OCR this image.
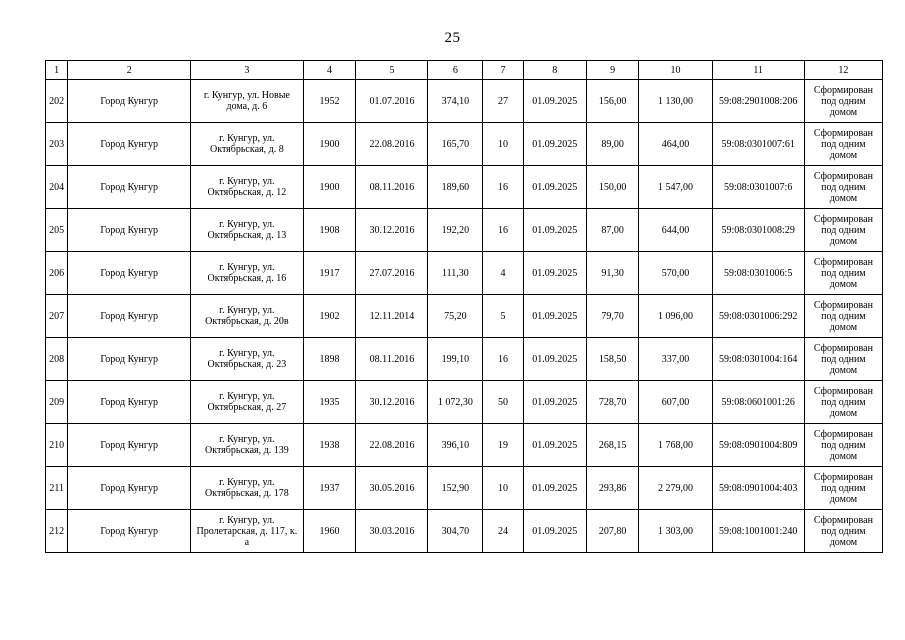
25
1	2	3	4	5	6	7	8	9	10	11	12
202	Город Кунгур	г. Кунгур, ул. Новые дома, д. 6	1952	01.07.2016	374,10	27	01.09.2025	156,00	1 130,00	59:08:2901008:206	Сформирован под одним домом
203	Город Кунгур	г. Кунгур, ул. Октябрьская, д. 8	1900	22.08.2016	165,70	10	01.09.2025	89,00	464,00	59:08:0301007:61	Сформирован под одним домом
204	Город Кунгур	г. Кунгур, ул. Октябрьская, д. 12	1900	08.11.2016	189,60	16	01.09.2025	150,00	1 547,00	59:08:0301007:6	Сформирован под одним домом
205	Город Кунгур	г. Кунгур, ул. Октябрьская, д. 13	1908	30.12.2016	192,20	16	01.09.2025	87,00	644,00	59:08:0301008:29	Сформирован под одним домом
206	Город Кунгур	г. Кунгур, ул. Октябрьская, д. 16	1917	27.07.2016	111,30	4	01.09.2025	91,30	570,00	59:08:0301006:5	Сформирован под одним домом
207	Город Кунгур	г. Кунгур, ул. Октябрьская, д. 20в	1902	12.11.2014	75,20	5	01.09.2025	79,70	1 096,00	59:08:0301006:292	Сформирован под одним домом
208	Город Кунгур	г. Кунгур, ул. Октябрьская, д. 23	1898	08.11.2016	199,10	16	01.09.2025	158,50	337,00	59:08:0301004:164	Сформирован под одним домом
209	Город Кунгур	г. Кунгур, ул. Октябрьская, д. 27	1935	30.12.2016	1 072,30	50	01.09.2025	728,70	607,00	59:08:0601001:26	Сформирован под одним домом
210	Город Кунгур	г. Кунгур, ул. Октябрьская, д. 139	1938	22.08.2016	396,10	19	01.09.2025	268,15	1 768,00	59:08:0901004:809	Сформирован под одним домом
211	Город Кунгур	г. Кунгур, ул. Октябрьская, д. 178	1937	30.05.2016	152,90	10	01.09.2025	293,86	2 279,00	59:08:0901004:403	Сформирован под одним домом
212	Город Кунгур	г. Кунгур, ул. Пролетарская, д. 117, к. а	1960	30.03.2016	304,70	24	01.09.2025	207,80	1 303,00	59:08:1001001:240	Сформирован под одним домом
